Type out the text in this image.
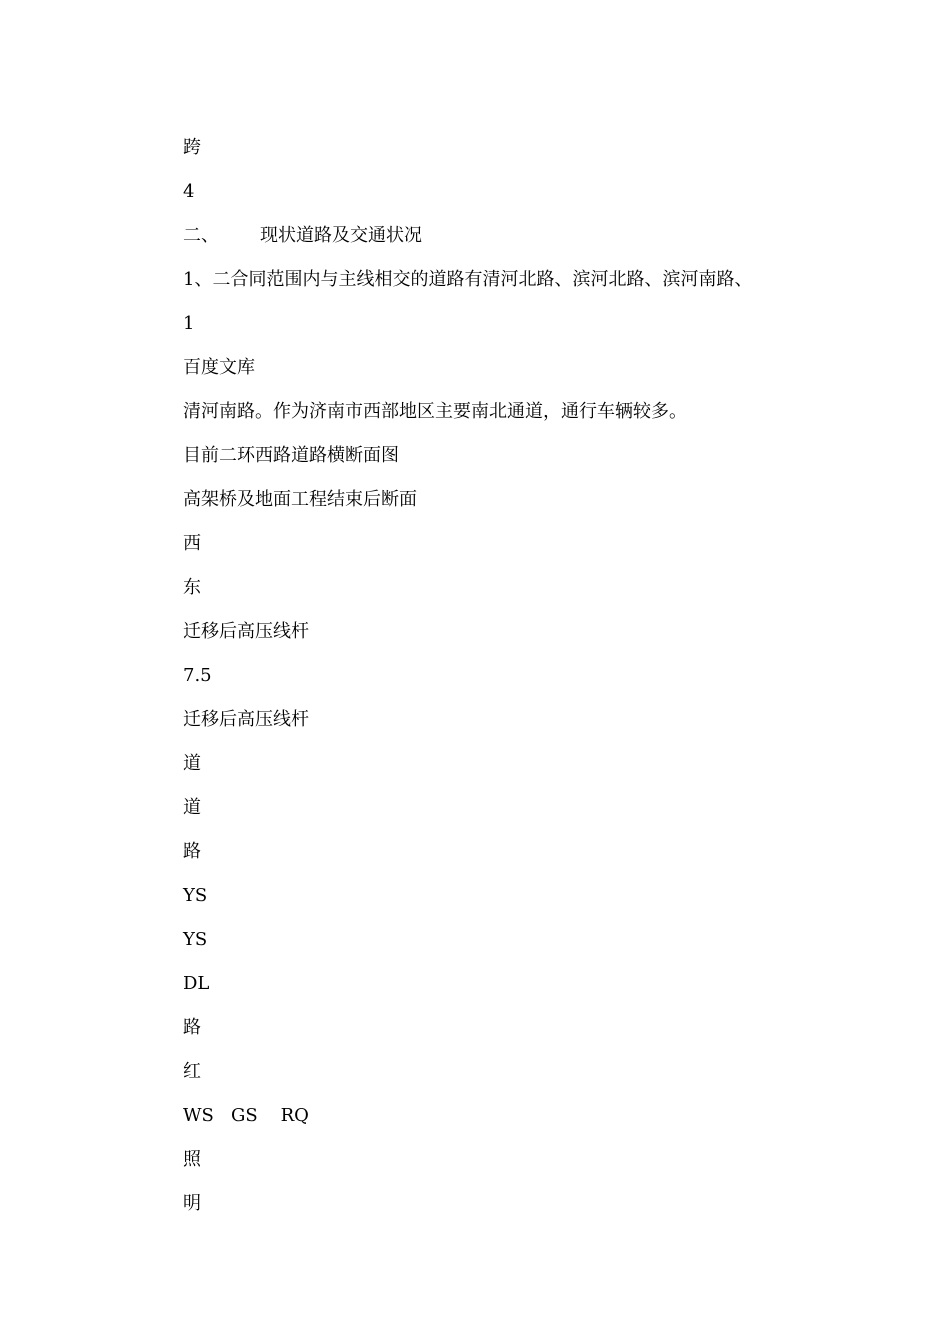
跨
4
二、 现状道路及交通状况
1、二合同范围内与主线相交的道路有清河北路、滨河北路、滨河南路、
1
百度文库
清河南路。作为济南市西部地区主要南北通道，通行车辆较多。
目前二环西路道路横断面图
高架桥及地面工程结束后断面
西
东
迁移后高压线杆
7.5
迁移后高压线杆
道
道
路
YS
YS
DL
路
红
WS   GS    RQ
照
明
